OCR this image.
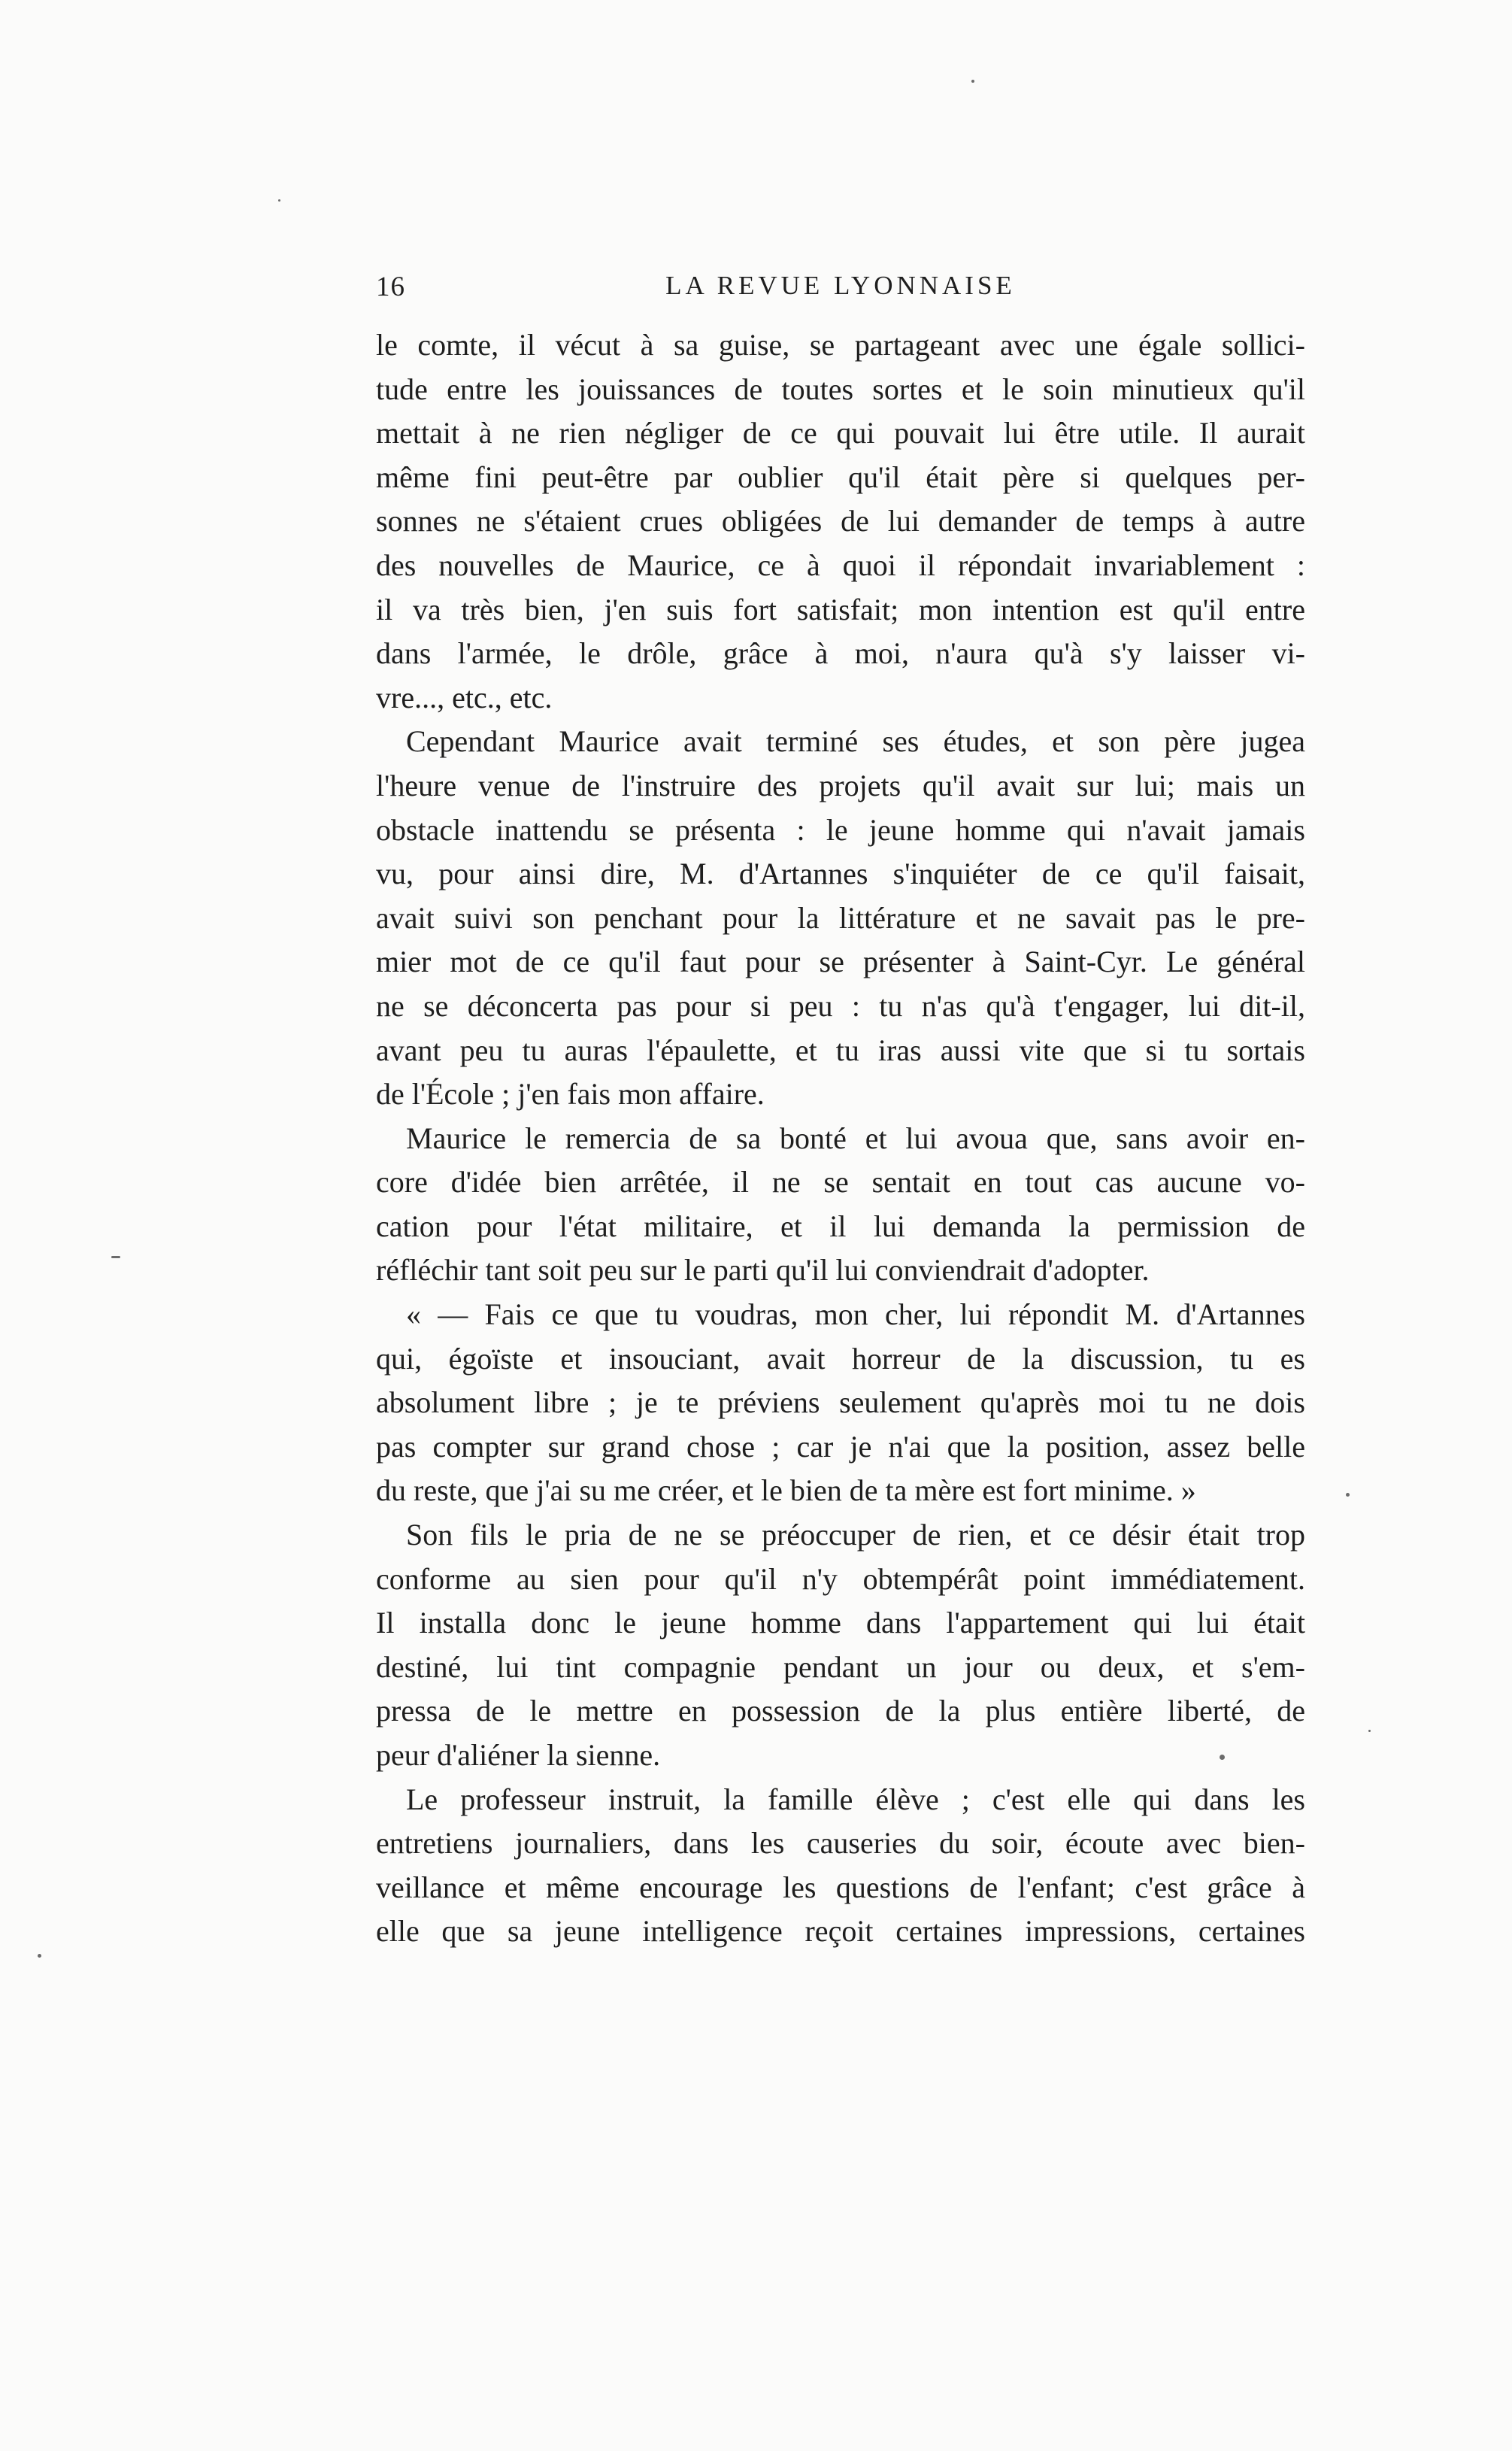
16	LA REVUE LYONNAISE
le comte, il vécut à sa guise, se partageant avec une égale sollici-
tude entre les jouissances de toutes sortes et le soin minutieux qu'il
mettait à ne rien négliger de ce qui pouvait lui être utile. Il aurait
même fini peut-être par oublier qu'il était père si quelques per-
sonnes ne s'étaient crues obligées de lui demander de temps à autre
des nouvelles de Maurice, ce à quoi il répondait invariablement :
il va très bien, j'en suis fort satisfait; mon intention est qu'il entre
dans l'armée, le drôle, grâce à moi, n'aura qu'à s'y laisser vi-
vre..., etc., etc.
Cependant Maurice avait terminé ses études, et son père jugea
l'heure venue de l'instruire des projets qu'il avait sur lui; mais un
obstacle inattendu se présenta : le jeune homme qui n'avait jamais
vu, pour ainsi dire, M. d'Artannes s'inquiéter de ce qu'il faisait,
avait suivi son penchant pour la littérature et ne savait pas le pre-
mier mot de ce qu'il faut pour se présenter à Saint-Cyr. Le général
ne se déconcerta pas pour si peu : tu n'as qu'à t'engager, lui dit-il,
avant peu tu auras l'épaulette, et tu iras aussi vite que si tu sortais
de l'École ; j'en fais mon affaire.
Maurice le remercia de sa bonté et lui avoua que, sans avoir en-
core d'idée bien arrêtée, il ne se sentait en tout cas aucune vo-
cation pour l'état militaire, et il lui demanda la permission de
réfléchir tant soit peu sur le parti qu'il lui conviendrait d'adopter.
« — Fais ce que tu voudras, mon cher, lui répondit M. d'Artannes
qui, égoïste et insouciant, avait horreur de la discussion, tu es
absolument libre ; je te préviens seulement qu'après moi tu ne dois
pas compter sur grand chose ; car je n'ai que la position, assez belle
du reste, que j'ai su me créer, et le bien de ta mère est fort minime. »
Son fils le pria de ne se préoccuper de rien, et ce désir était trop
conforme au sien pour qu'il n'y obtempérât point immédiatement.
Il installa donc le jeune homme dans l'appartement qui lui était
destiné, lui tint compagnie pendant un jour ou deux, et s'em-
pressa de le mettre en possession de la plus entière liberté, de
peur d'aliéner la sienne.
Le professeur instruit, la famille élève ; c'est elle qui dans les
entretiens journaliers, dans les causeries du soir, écoute avec bien-
veillance et même encourage les questions de l'enfant; c'est grâce à
elle que sa jeune intelligence reçoit certaines impressions, certaines
